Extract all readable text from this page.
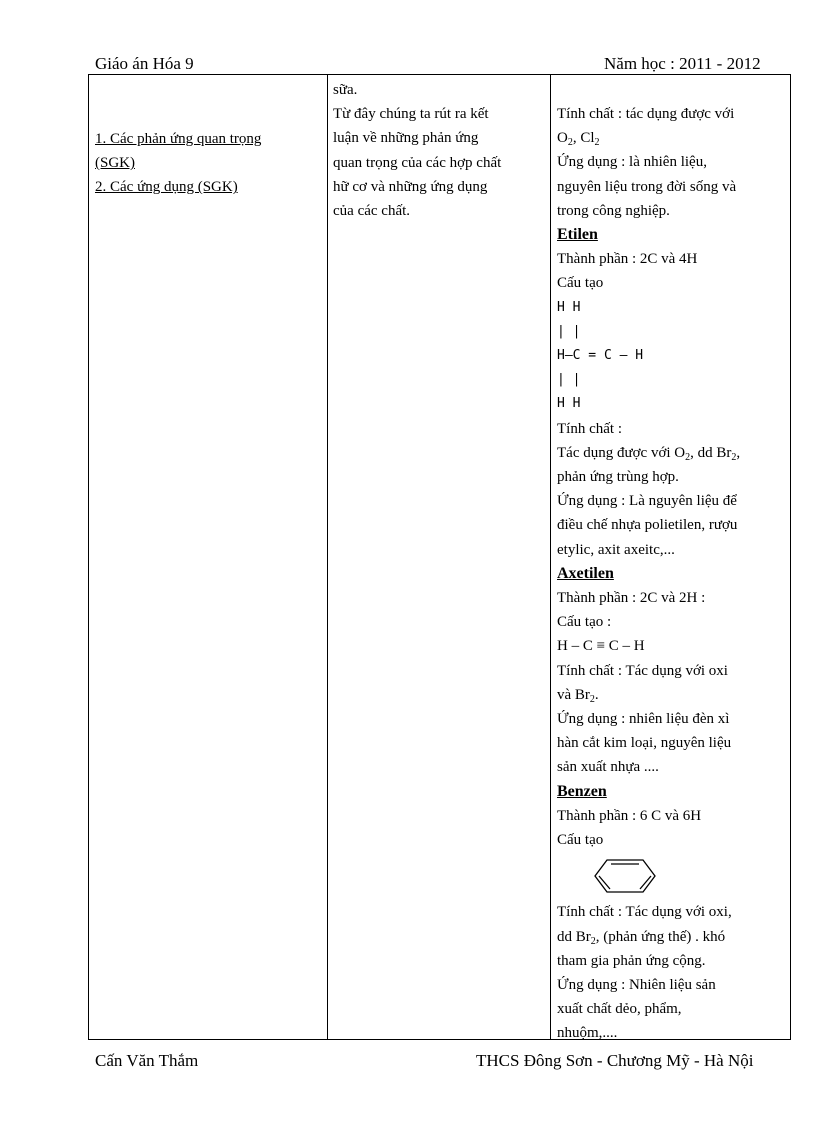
Giáo án Hóa 9	Năm học : 2011 - 2012

1. Các phản ứng quan trọng

(SGK)

2. Các ứng dụng (SGK)

sữa.

Từ đây chúng ta rút ra kết

luận về những phản ứng

quan trọng của các hợp chất

hữ cơ và những ứng dụng

của các chất.

Tính chất : tác dụng được với

$O_2$, $Cl_2$

Ứng dụng : là nhiên liệu,

nguyên liệu trong đời sống và

trong công nghiệp.

Etilen

Thành phần : 2C và 4H

Cấu tạo

H H

| |

H—C = C — H

| |

H H

Tính chất :

Tác dụng được với $O_2$, dd $Br_2$,

phản ứng trùng hợp.

Ứng dụng : Là nguyên liệu để

điều chế nhựa polietilen, rượu

etylic, axit axeitc,...

Axetilen

Thành phần : 2C và 2H :

Cấu tạo :

H – C ≡ C – H

Tính chất : Tác dụng với oxi

và $Br_2$.

Ứng dụng : nhiên liệu đèn xì

hàn cắt kim loại, nguyên liệu

sản xuất nhựa ....

Benzen

Thành phần : 6 C và 6H

Cấu tạo

Tính chất : Tác dụng với oxi,

dd $Br_2$, (phản ứng thế) . khó

tham gia phản ứng cộng.

Ứng dụng : Nhiên liệu sản

xuất chất dẻo, phẩm,

nhuộm,....

Cấn Văn Thắm	THCS Đông Sơn - Chương Mỹ - Hà Nội
